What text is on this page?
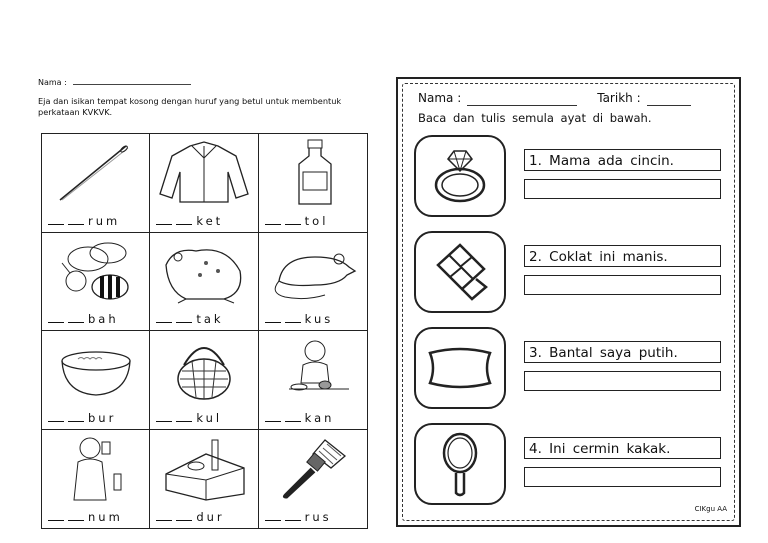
Nama :
Eja dan isikan tempat kosong dengan huruf yang betul untuk membentuk perkataan KVKVK.
rum	ket	tol
bah	tak	kus
bur	kul	kan
num	dur	rus
Nama :	Tarikh :
Baca dan tulis semula ayat di bawah.
1. Mama ada cincin.
2. Coklat ini manis.
3. Bantal saya putih.
4. Ini cermin kakak.
CIKgu AA
